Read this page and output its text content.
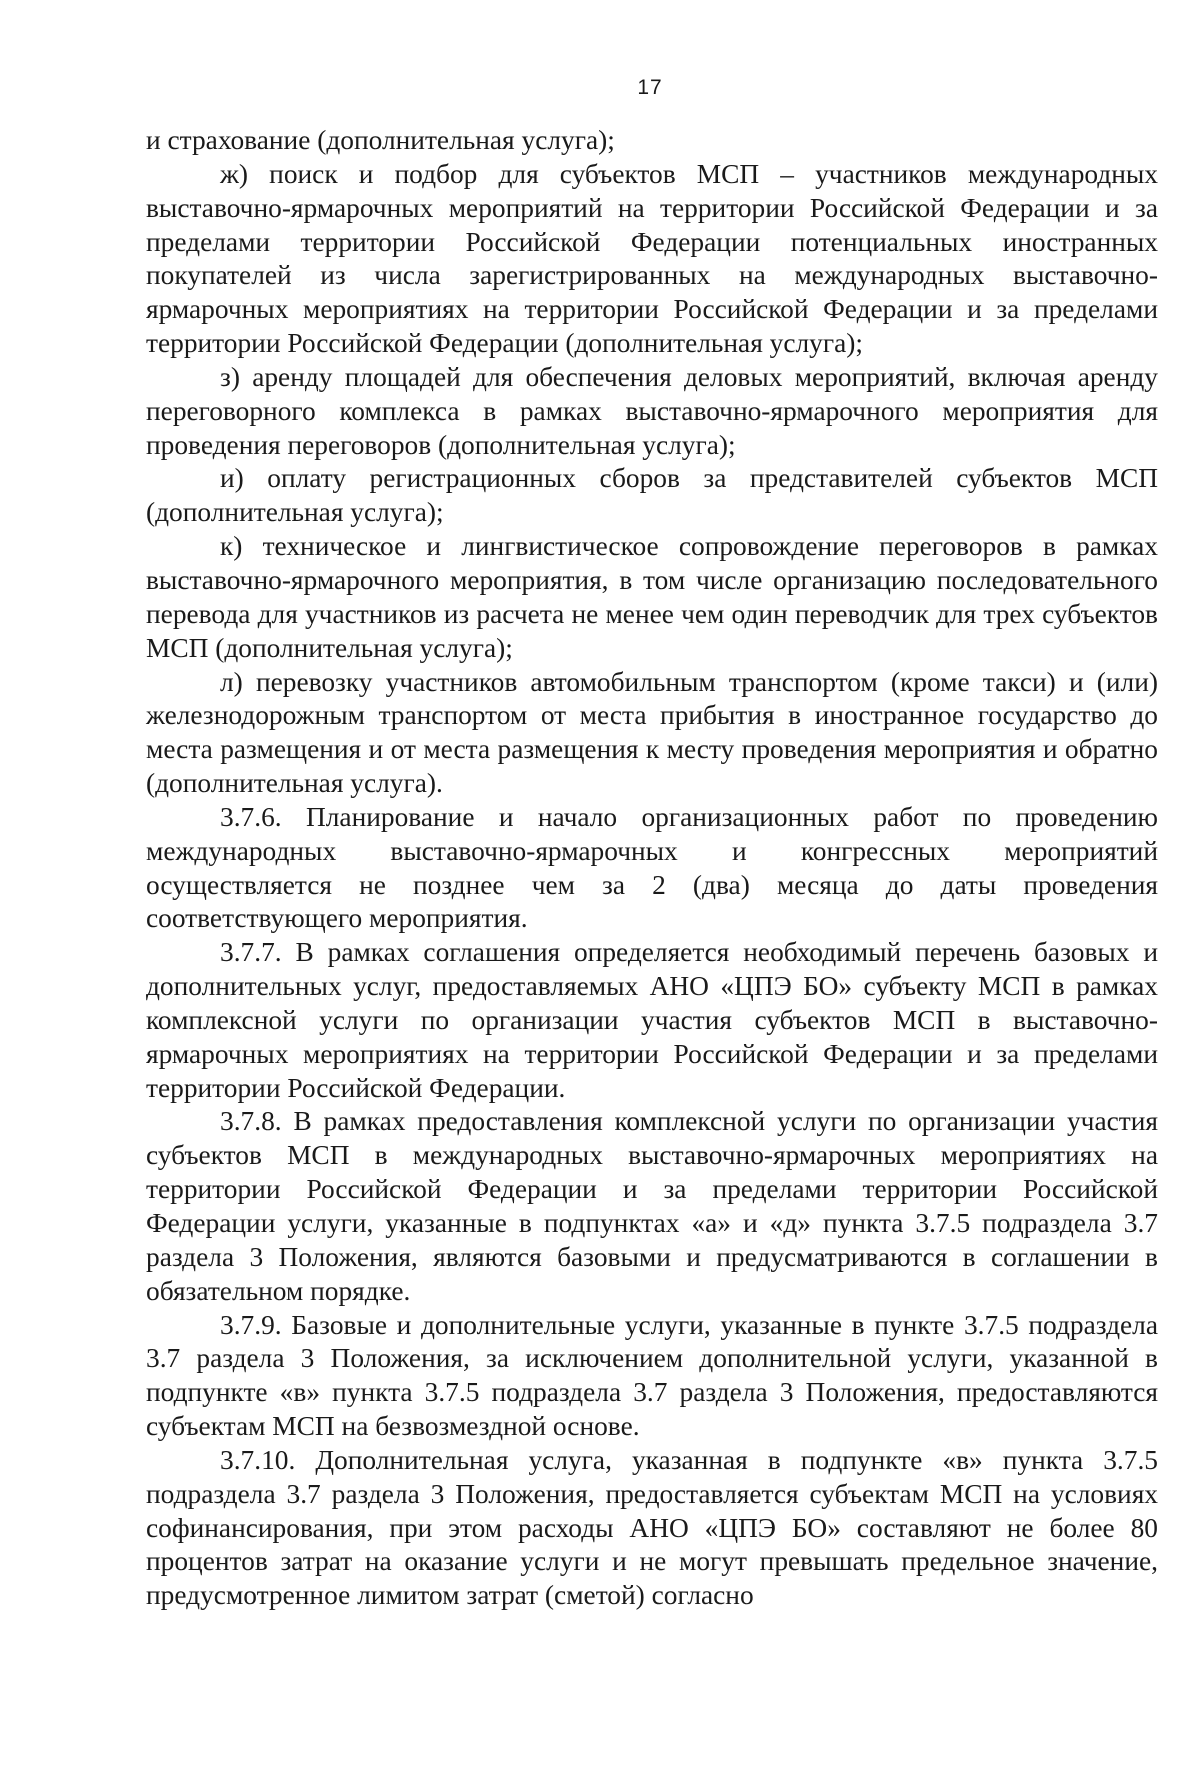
17

и страхование (дополнительная услуга);

ж) поиск и подбор для субъектов МСП – участников международных выставочно-ярмарочных мероприятий на территории Российской Федерации и за пределами территории Российской Федерации потенциальных иностранных покупателей из числа зарегистрированных на международных выставочно-ярмарочных мероприятиях на территории Российской Федерации и за пределами территории Российской Федерации (дополнительная услуга);

з) аренду площадей для обеспечения деловых мероприятий, включая аренду переговорного комплекса в рамках выставочно-ярмарочного мероприятия для проведения переговоров (дополнительная услуга);

и) оплату регистрационных сборов за представителей субъектов МСП (дополнительная услуга);

к) техническое и лингвистическое сопровождение переговоров в рамках выставочно-ярмарочного мероприятия, в том числе организацию последовательного перевода для участников из расчета не менее чем один переводчик для трех субъектов МСП (дополнительная услуга);

л) перевозку участников автомобильным транспортом (кроме такси) и (или) железнодорожным транспортом от места прибытия в иностранное государство до места размещения и от места размещения к месту проведения мероприятия и обратно (дополнительная услуга).

3.7.6. Планирование и начало организационных работ по проведению международных выставочно-ярмарочных и конгрессных мероприятий осуществляется не позднее чем за 2 (два) месяца до даты проведения соответствующего мероприятия.

3.7.7. В рамках соглашения определяется необходимый перечень базовых и дополнительных услуг, предоставляемых АНО «ЦПЭ БО» субъекту МСП в рамках комплексной услуги по организации участия субъектов МСП в выставочно-ярмарочных мероприятиях на территории Российской Федерации и за пределами территории Российской Федерации.

3.7.8. В рамках предоставления комплексной услуги по организации участия субъектов МСП в международных выставочно-ярмарочных мероприятиях на территории Российской Федерации и за пределами территории Российской Федерации услуги, указанные в подпунктах «а» и «д» пункта 3.7.5 подраздела 3.7 раздела 3 Положения, являются базовыми и предусматриваются в соглашении в обязательном порядке.

3.7.9. Базовые и дополнительные услуги, указанные в пункте 3.7.5 подраздела 3.7 раздела 3 Положения, за исключением дополнительной услуги, указанной в подпункте «в» пункта 3.7.5 подраздела 3.7 раздела 3 Положения, предоставляются субъектам МСП на безвозмездной основе.

3.7.10. Дополнительная услуга, указанная в подпункте «в» пункта 3.7.5 подраздела 3.7 раздела 3 Положения, предоставляется субъектам МСП на условиях софинансирования, при этом расходы АНО «ЦПЭ БО» составляют не более 80 процентов затрат на оказание услуги и не могут превышать предельное значение, предусмотренное лимитом затрат (сметой) согласно
